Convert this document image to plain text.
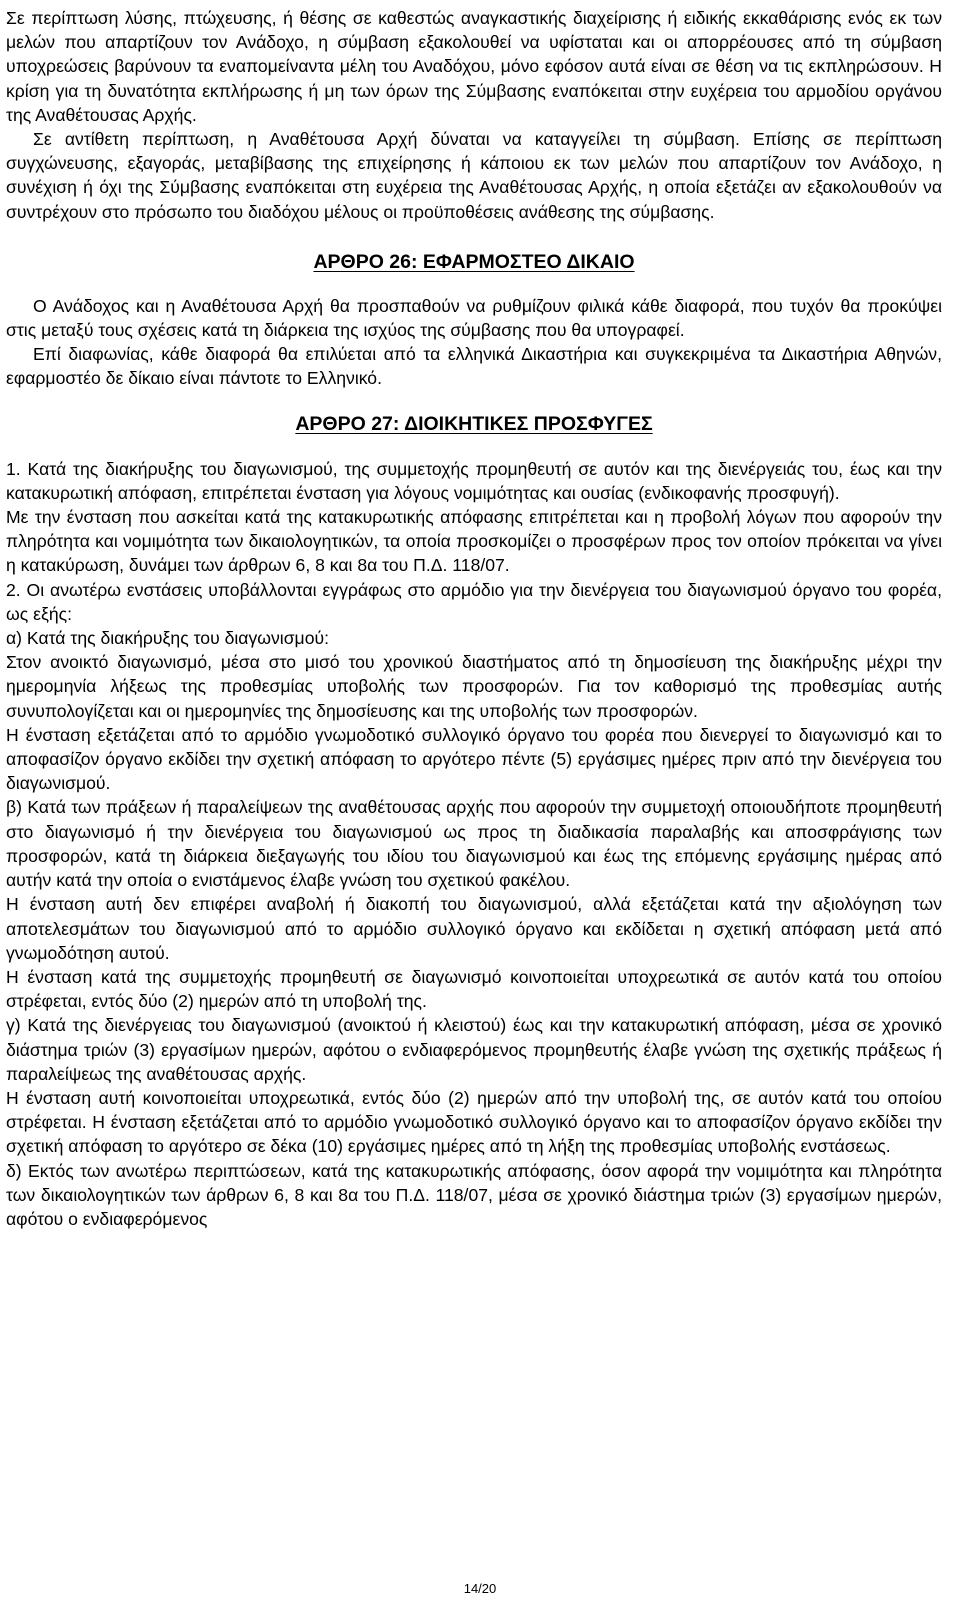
Σε περίπτωση λύσης, πτώχευσης, ή θέσης σε καθεστώς αναγκαστικής διαχείρισης ή ειδικής εκκαθάρισης ενός εκ των μελών που απαρτίζουν τον Ανάδοχο, η σύμβαση εξακολουθεί να υφίσταται και οι απορρέουσες από τη σύμβαση υποχρεώσεις βαρύνουν τα εναπομείναντα μέλη του Αναδόχου, μόνο εφόσον αυτά είναι σε θέση να τις εκπληρώσουν. Η κρίση για τη δυνατότητα εκπλήρωσης ή μη των όρων της Σύμβασης εναπόκειται στην ευχέρεια του αρμοδίου οργάνου της Αναθέτουσας Αρχής.

Σε αντίθετη περίπτωση, η Αναθέτουσα Αρχή δύναται να καταγγείλει τη σύμβαση. Επίσης σε περίπτωση συγχώνευσης, εξαγοράς, μεταβίβασης της επιχείρησης ή κάποιου εκ των μελών που απαρτίζουν τον Ανάδοχο, η συνέχιση ή όχι της Σύμβασης εναπόκειται στη ευχέρεια της Αναθέτουσας Αρχής, η οποία εξετάζει αν εξακολουθούν να συντρέχουν στο πρόσωπο του διαδόχου μέλους οι προϋποθέσεις ανάθεσης της σύμβασης.

ΑΡΘΡΟ 26: ΕΦΑΡΜΟΣΤΕΟ ΔΙΚΑΙΟ

Ο Ανάδοχος και η Αναθέτουσα Αρχή θα προσπαθούν να ρυθμίζουν φιλικά κάθε διαφορά, που τυχόν θα προκύψει στις μεταξύ τους σχέσεις κατά τη διάρκεια της ισχύος της σύμβασης που θα υπογραφεί.

Επί διαφωνίας, κάθε διαφορά θα επιλύεται από τα ελληνικά Δικαστήρια και συγκεκριμένα τα Δικαστήρια Αθηνών, εφαρμοστέο δε δίκαιο είναι πάντοτε το Ελληνικό.

ΑΡΘΡΟ 27: ΔΙΟΙΚΗΤΙΚΕΣ ΠΡΟΣΦΥΓΕΣ

1. Κατά της διακήρυξης του διαγωνισμού, της συμμετοχής προμηθευτή σε αυτόν και της διενέργειάς του, έως και την κατακυρωτική απόφαση, επιτρέπεται ένσταση για λόγους νομιμότητας και ουσίας (ενδικοφανής προσφυγή).

Με την ένσταση που ασκείται κατά της κατακυρωτικής απόφασης επιτρέπεται και η προβολή λόγων που αφορούν την πληρότητα και νομιμότητα των δικαιολογητικών, τα οποία προσκομίζει ο προσφέρων προς τον οποίον πρόκειται να γίνει η κατακύρωση, δυνάμει των άρθρων 6, 8 και 8α του Π.Δ. 118/07.

2. Οι ανωτέρω ενστάσεις υποβάλλονται εγγράφως στο αρμόδιο για την διενέργεια του διαγωνισμού όργανο του φορέα, ως εξής:

α) Κατά της διακήρυξης του διαγωνισμού:

Στον ανοικτό διαγωνισμό, μέσα στο μισό του χρονικού διαστήματος από τη δημοσίευση της διακήρυξης μέχρι την ημερομηνία λήξεως της προθεσμίας υποβολής των προσφορών. Για τον καθορισμό της προθεσμίας αυτής συνυπολογίζεται και οι ημερομηνίες της δημοσίευσης και της υποβολής των προσφορών.

Η ένσταση εξετάζεται από το αρμόδιο γνωμοδοτικό συλλογικό όργανο του φορέα που διενεργεί το διαγωνισμό και το αποφασίζον όργανο εκδίδει την σχετική απόφαση το αργότερο πέντε (5) εργάσιμες ημέρες πριν από την διενέργεια του διαγωνισμού.

β) Κατά των πράξεων ή παραλείψεων της αναθέτουσας αρχής που αφορούν την συμμετοχή οποιουδήποτε προμηθευτή στο διαγωνισμό ή την διενέργεια του διαγωνισμού ως προς τη διαδικασία παραλαβής και αποσφράγισης των προσφορών, κατά τη διάρκεια διεξαγωγής του ιδίου του διαγωνισμού και έως της επόμενης εργάσιμης ημέρας από αυτήν κατά την οποία ο ενιστάμενος έλαβε γνώση του σχετικού φακέλου.

Η ένσταση αυτή δεν επιφέρει αναβολή ή διακοπή του διαγωνισμού, αλλά εξετάζεται κατά την αξιολόγηση των αποτελεσμάτων του διαγωνισμού από το αρμόδιο συλλογικό όργανο και εκδίδεται η σχετική απόφαση μετά από γνωμοδότηση αυτού.

Η ένσταση κατά της συμμετοχής προμηθευτή σε διαγωνισμό κοινοποιείται υποχρεωτικά σε αυτόν κατά του οποίου στρέφεται, εντός δύο (2) ημερών από τη υποβολή της.

γ) Κατά της διενέργειας του διαγωνισμού (ανοικτού ή κλειστού) έως και την κατακυρωτική απόφαση, μέσα σε χρονικό διάστημα τριών (3) εργασίμων ημερών, αφότου ο ενδιαφερόμενος προμηθευτής έλαβε γνώση της σχετικής πράξεως ή παραλείψεως της αναθέτουσας αρχής.

Η ένσταση αυτή κοινοποιείται υποχρεωτικά, εντός δύο (2) ημερών από την υποβολή της, σε αυτόν κατά του οποίου στρέφεται. Η ένσταση εξετάζεται από το αρμόδιο γνωμοδοτικό συλλογικό όργανο και το αποφασίζον όργανο εκδίδει την σχετική απόφαση το αργότερο σε δέκα (10) εργάσιμες ημέρες από τη λήξη της προθεσμίας υποβολής ενστάσεως.

δ) Εκτός των ανωτέρω περιπτώσεων, κατά της κατακυρωτικής απόφασης, όσον αφορά την νομιμότητα και πληρότητα των δικαιολογητικών των άρθρων 6, 8 και 8α του Π.Δ. 118/07, μέσα σε χρονικό διάστημα τριών (3) εργασίμων ημερών, αφότου ο ενδιαφερόμενος

14/20
